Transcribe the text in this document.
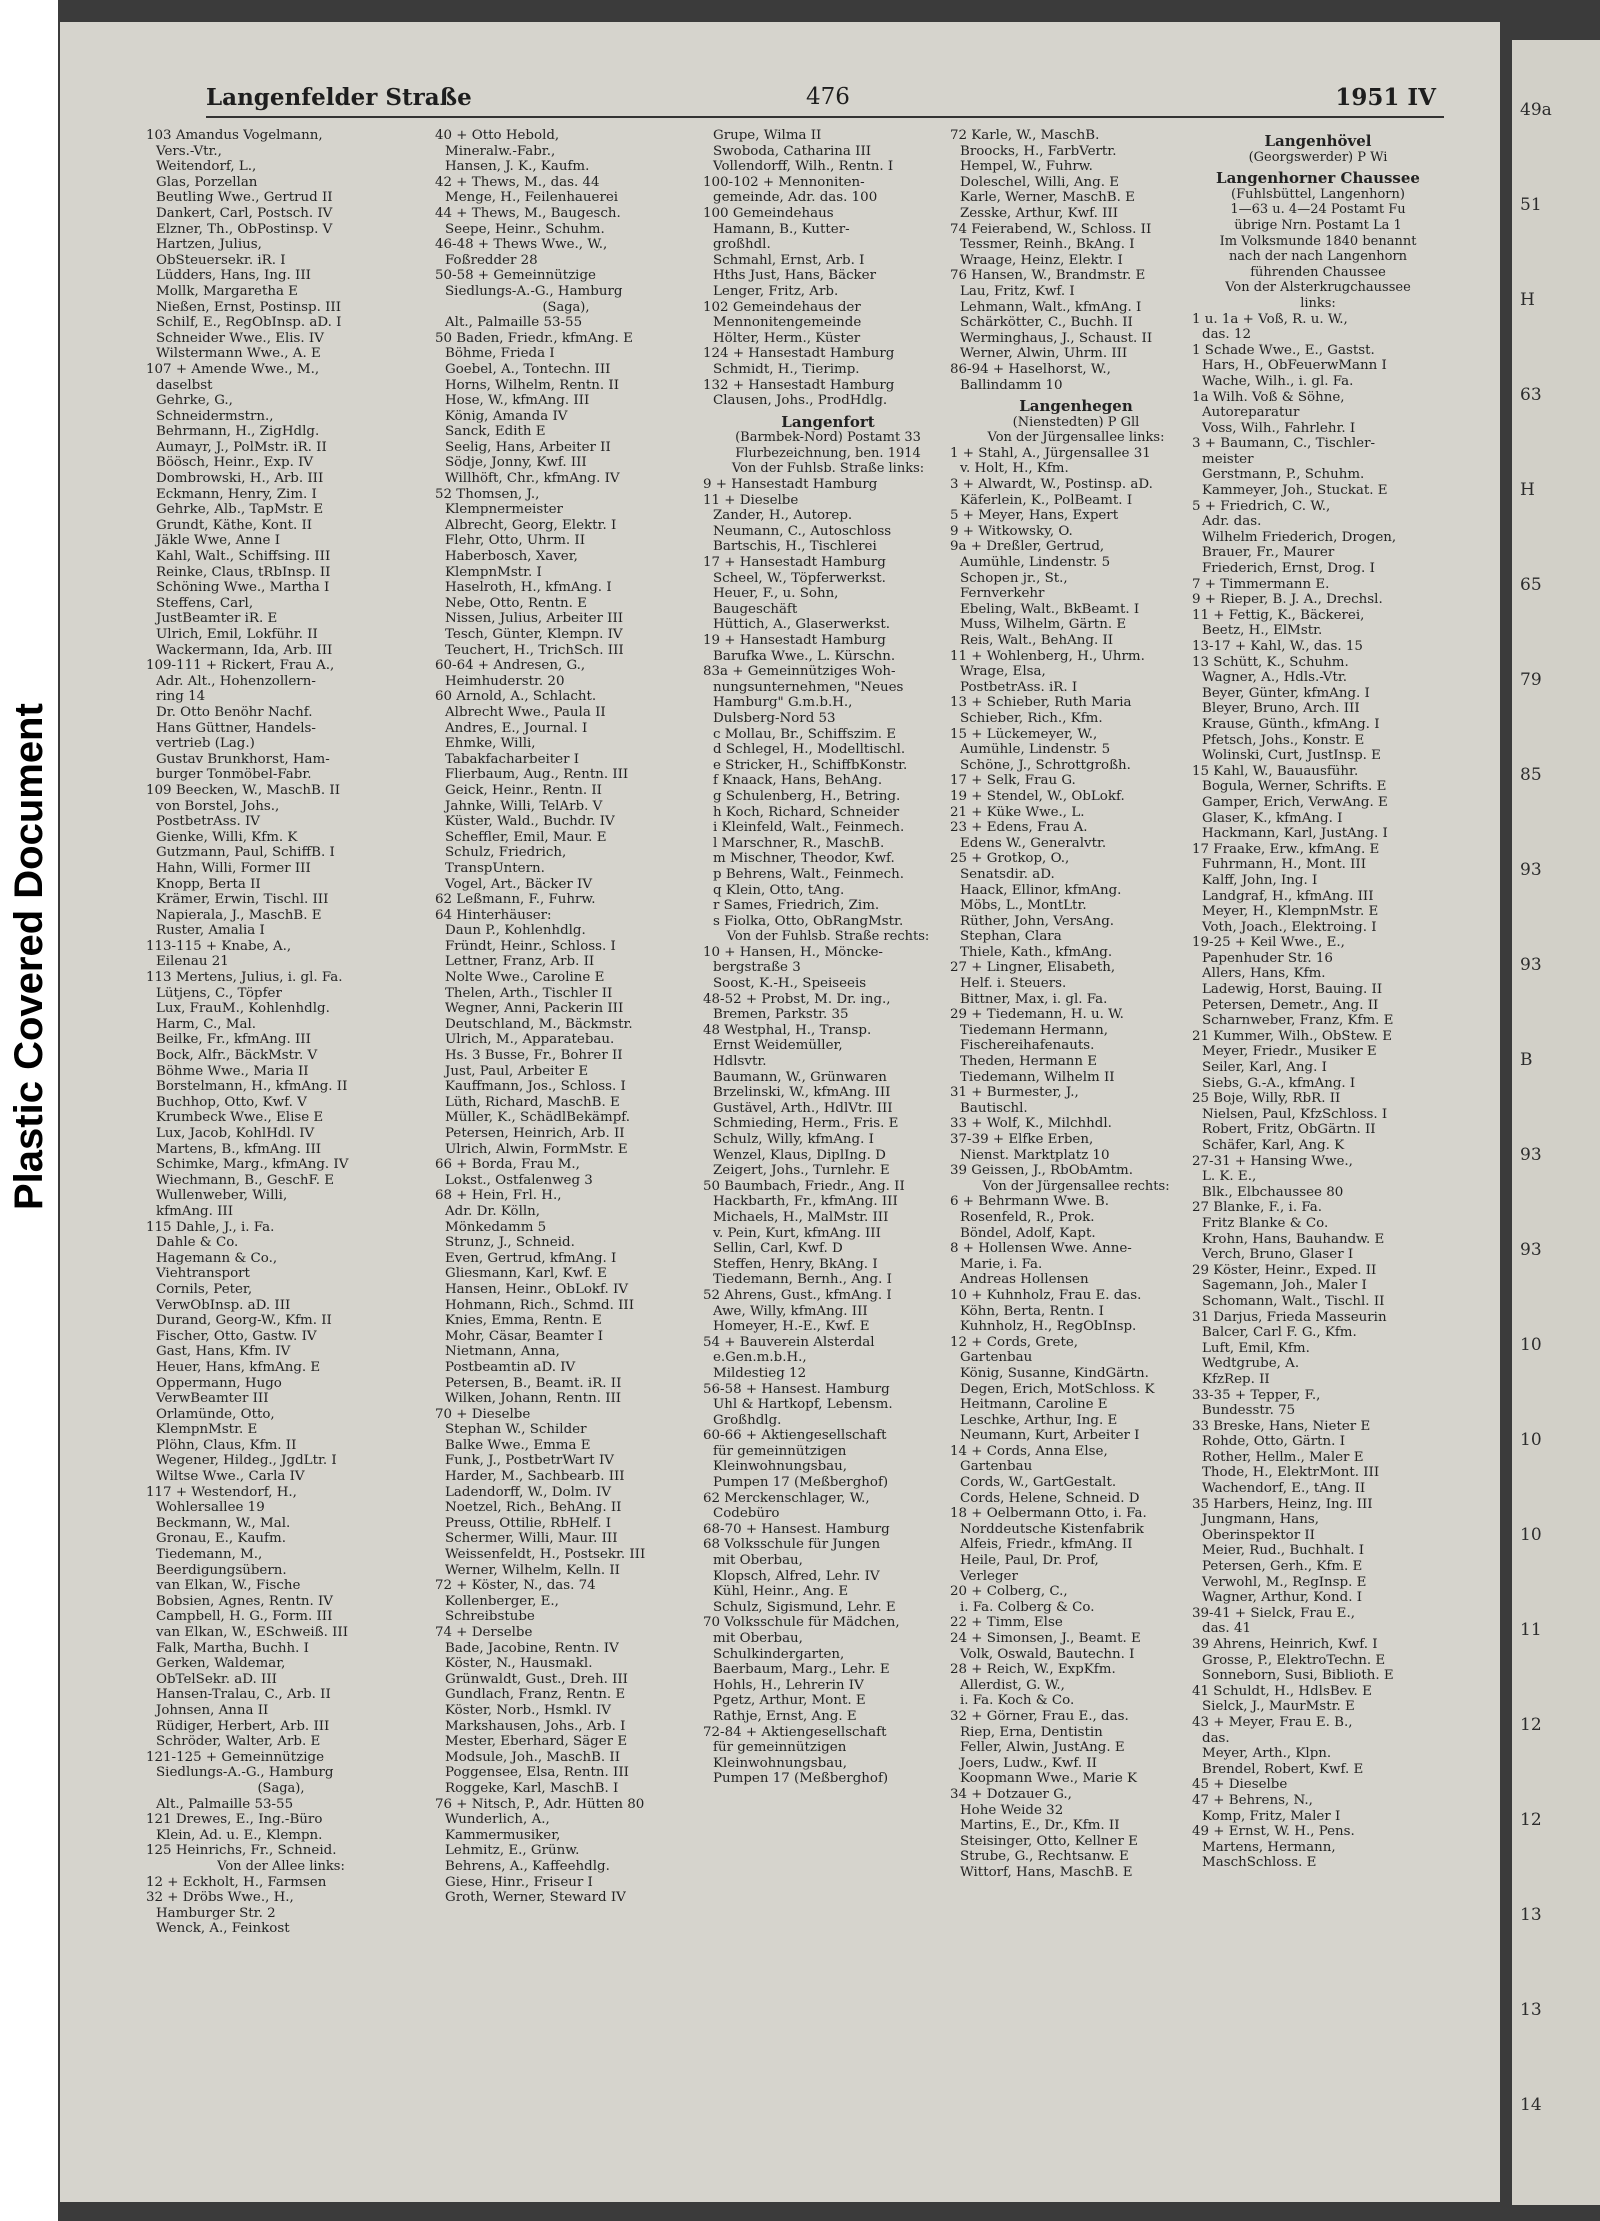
Plastic Covered Document
Langenfelder Straße	476	1951 IV
103 Amandus Vogelmann,
Vers.-Vtr.,
Weitendorf, L.,
Glas, Porzellan
Beutling Wwe., Gertrud II
Dankert, Carl, Postsch. IV
Elzner, Th., ObPostinsp. V
Hartzen, Julius,
ObSteuersekr. iR. I
Lüdders, Hans, Ing. III
Mollk, Margaretha E
Nießen, Ernst, Postinsp. III
Schilf, E., RegObInsp. aD. I
Schneider Wwe., Elis. IV
Wilstermann Wwe., A. E
107 + Amende Wwe., M.,
daselbst
Gehrke, G.,
Schneidermstrn.,
Behrmann, H., ZigHdlg.
Aumayr, J., PolMstr. iR. II
Böösch, Heinr., Exp. IV
Dombrowski, H., Arb. III
Eckmann, Henry, Zim. I
Gehrke, Alb., TapMstr. E
Grundt, Käthe, Kont. II
Jäkle Wwe, Anne I
Kahl, Walt., Schiffsing. III
Reinke, Claus, tRbInsp. II
Schöning Wwe., Martha I
Steffens, Carl,
JustBeamter iR. E
Ulrich, Emil, Lokführ. II
Wackermann, Ida, Arb. III
109-111 + Rickert, Frau A.,
Adr. Alt., Hohenzollern-
ring 14
Dr. Otto Benöhr Nachf.
Hans Güttner, Handels-
vertrieb (Lag.)
Gustav Brunkhorst, Ham-
burger Tonmöbel-Fabr.
109 Beecken, W., MaschB. II
von Borstel, Johs.,
PostbetrAss. IV
Gienke, Willi, Kfm. K
Gutzmann, Paul, SchiffB. I
Hahn, Willi, Former III
Knopp, Berta II
Krämer, Erwin, Tischl. III
Napierala, J., MaschB. E
Ruster, Amalia I
113-115 + Knabe, A.,
Eilenau 21
113 Mertens, Julius, i. gl. Fa.
Lütjens, C., Töpfer
Lux, FrauM., Kohlenhdlg.
Harm, C., Mal.
Beilke, Fr., kfmAng. III
Bock, Alfr., BäckMstr. V
Böhme Wwe., Maria II
Borstelmann, H., kfmAng. II
Buchhop, Otto, Kwf. V
Krumbeck Wwe., Elise E
Lux, Jacob, KohlHdl. IV
Martens, B., kfmAng. III
Schimke, Marg., kfmAng. IV
Wiechmann, B., GeschF. E
Wullenweber, Willi,
kfmAng. III
115 Dahle, J., i. Fa.
Dahle & Co.
Hagemann & Co.,
Viehtransport
Cornils, Peter,
VerwObInsp. aD. III
Durand, Georg-W., Kfm. II
Fischer, Otto, Gastw. IV
Gast, Hans, Kfm. IV
Heuer, Hans, kfmAng. E
Oppermann, Hugo
VerwBeamter III
Orlamünde, Otto,
KlempnMstr. E
Plöhn, Claus, Kfm. II
Wegener, Hildeg., JgdLtr. I
Wiltse Wwe., Carla IV
117 + Westendorf, H.,
Wohlersallee 19
Beckmann, W., Mal.
Gronau, E., Kaufm.
Tiedemann, M.,
Beerdigungsübern.
van Elkan, W., Fische
Bobsien, Agnes, Rentn. IV
Campbell, H. G., Form. III
van Elkan, W., ESchweiß. III
Falk, Martha, Buchh. I
Gerken, Waldemar,
ObTelSekr. aD. III
Hansen-Tralau, C., Arb. II
Johnsen, Anna II
Rüdiger, Herbert, Arb. III
Schröder, Walter, Arb. E
121-125 + Gemeinnützige
Siedlungs-A.-G., Hamburg
(Saga),
Alt., Palmaille 53-55
121 Drewes, E., Ing.-Büro
Klein, Ad. u. E., Klempn.
125 Heinrichs, Fr., Schneid.
Von der Allee links:
12 + Eckholt, H., Farmsen
32 + Dröbs Wwe., H.,
Hamburger Str. 2
Wenck, A., Feinkost
40 + Otto Hebold,
Mineralw.-Fabr.,
Hansen, J. K., Kaufm.
42 + Thews, M., das. 44
Menge, H., Feilenhauerei
44 + Thews, M., Baugesch.
Seepe, Heinr., Schuhm.
46-48 + Thews Wwe., W.,
Foßredder 28
50-58 + Gemeinnützige
Siedlungs-A.-G., Hamburg
(Saga),
Alt., Palmaille 53-55
50 Baden, Friedr., kfmAng. E
Böhme, Frieda I
Goebel, A., Tontechn. III
Horns, Wilhelm, Rentn. II
Hose, W., kfmAng. III
König, Amanda IV
Sanck, Edith E
Seelig, Hans, Arbeiter II
Södje, Jonny, Kwf. III
Willhöft, Chr., kfmAng. IV
52 Thomsen, J.,
Klempnermeister
Albrecht, Georg, Elektr. I
Flehr, Otto, Uhrm. II
Haberbosch, Xaver,
KlempnMstr. I
Haselroth, H., kfmAng. I
Nebe, Otto, Rentn. E
Nissen, Julius, Arbeiter III
Tesch, Günter, Klempn. IV
Teuchert, H., TrichSch. III
60-64 + Andresen, G.,
Heimhuderstr. 20
60 Arnold, A., Schlacht.
Albrecht Wwe., Paula II
Andres, E., Journal. I
Ehmke, Willi,
Tabakfacharbeiter I
Flierbaum, Aug., Rentn. III
Geick, Heinr., Rentn. II
Jahnke, Willi, TelArb. V
Küster, Wald., Buchdr. IV
Scheffler, Emil, Maur. E
Schulz, Friedrich,
TranspUntern.
Vogel, Art., Bäcker IV
62 Leßmann, F., Fuhrw.
64 Hinterhäuser:
Daun P., Kohlenhdlg.
Fründt, Heinr., Schloss. I
Lettner, Franz, Arb. II
Nolte Wwe., Caroline E
Thelen, Arth., Tischler II
Wegner, Anni, Packerin III
Deutschland, M., Bäckmstr.
Ulrich, M., Apparatebau.
Hs. 3 Busse, Fr., Bohrer II
Just, Paul, Arbeiter E
Kauffmann, Jos., Schloss. I
Lüth, Richard, MaschB. E
Müller, K., SchädlBekämpf.
Petersen, Heinrich, Arb. II
Ulrich, Alwin, FormMstr. E
66 + Borda, Frau M.,
Lokst., Ostfalenweg 3
68 + Hein, Frl. H.,
Adr. Dr. Kölln,
Mönkedamm 5
Strunz, J., Schneid.
Even, Gertrud, kfmAng. I
Gliesmann, Karl, Kwf. E
Hansen, Heinr., ObLokf. IV
Hohmann, Rich., Schmd. III
Knies, Emma, Rentn. E
Mohr, Cäsar, Beamter I
Nietmann, Anna,
Postbeamtin aD. IV
Petersen, B., Beamt. iR. II
Wilken, Johann, Rentn. III
70 + Dieselbe
Stephan W., Schilder
Balke Wwe., Emma E
Funk, J., PostbetrWart IV
Harder, M., Sachbearb. III
Ladendorff, W., Dolm. IV
Noetzel, Rich., BehAng. II
Preuss, Ottilie, RbHelf. I
Schermer, Willi, Maur. III
Weissenfeldt, H., Postsekr. III
Werner, Wilhelm, Kelln. II
72 + Köster, N., das. 74
Kollenberger, E.,
Schreibstube
74 + Derselbe
Bade, Jacobine, Rentn. IV
Köster, N., Hausmakl.
Grünwaldt, Gust., Dreh. III
Gundlach, Franz, Rentn. E
Köster, Norb., Hsmkl. IV
Markshausen, Johs., Arb. I
Mester, Eberhard, Säger E
Modsule, Joh., MaschB. II
Poggensee, Elsa, Rentn. III
Roggeke, Karl, MaschB. I
76 + Nitsch, P., Adr. Hütten 80
Wunderlich, A.,
Kammermusiker,
Lehmitz, E., Grünw.
Behrens, A., Kaffeehdlg.
Giese, Hinr., Friseur I
Groth, Werner, Steward IV
Grupe, Wilma II
Swoboda, Catharina III
Vollendorff, Wilh., Rentn. I
100-102 + Mennoniten-
gemeinde, Adr. das. 100
100 Gemeindehaus
Hamann, B., Kutter-
großhdl.
Schmahl, Ernst, Arb. I
Hths Just, Hans, Bäcker
Lenger, Fritz, Arb.
102 Gemeindehaus der
Mennonitengemeinde
Hölter, Herm., Küster
124 + Hansestadt Hamburg
Schmidt, H., Tierimp.
132 + Hansestadt Hamburg
Clausen, Johs., ProdHdlg.
Langenfort
(Barmbek-Nord) Postamt 33
Flurbezeichnung, ben. 1914
Von der Fuhlsb. Straße links:
9 + Hansestadt Hamburg
11 + Dieselbe
Zander, H., Autorep.
Neumann, C., Autoschloss
Bartschis, H., Tischlerei
17 + Hansestadt Hamburg
Scheel, W., Töpferwerkst.
Heuer, F., u. Sohn,
Baugeschäft
Hüttich, A., Glaserwerkst.
19 + Hansestadt Hamburg
Barufka Wwe., L. Kürschn.
83a + Gemeinnütziges Woh-
nungsunternehmen, "Neues
Hamburg" G.m.b.H.,
Dulsberg-Nord 53
c Mollau, Br., Schiffszim. E
d Schlegel, H., Modelltischl.
e Stricker, H., SchiffbKonstr.
f Knaack, Hans, BehAng.
g Schulenberg, H., Betring.
h Koch, Richard, Schneider
i Kleinfeld, Walt., Feinmech.
l Marschner, R., MaschB.
m Mischner, Theodor, Kwf.
p Behrens, Walt., Feinmech.
q Klein, Otto, tAng.
r Sames, Friedrich, Zim.
s Fiolka, Otto, ObRangMstr.
Von der Fuhlsb. Straße rechts:
10 + Hansen, H., Möncke-
bergstraße 3
Soost, K.-H., Speiseeis
48-52 + Probst, M. Dr. ing.,
Bremen, Parkstr. 35
48 Westphal, H., Transp.
Ernst Weidemüller,
Hdlsvtr.
Baumann, W., Grünwaren
Brzelinski, W., kfmAng. III
Gustävel, Arth., HdlVtr. III
Schmieding, Herm., Fris. E
Schulz, Willy, kfmAng. I
Wenzel, Klaus, DiplIng. D
Zeigert, Johs., Turnlehr. E
50 Baumbach, Friedr., Ang. II
Hackbarth, Fr., kfmAng. III
Michaels, H., MalMstr. III
v. Pein, Kurt, kfmAng. III
Sellin, Carl, Kwf. D
Steffen, Henry, BkAng. I
Tiedemann, Bernh., Ang. I
52 Ahrens, Gust., kfmAng. I
Awe, Willy, kfmAng. III
Homeyer, H.-E., Kwf. E
54 + Bauverein Alsterdal
e.Gen.m.b.H.,
Mildestieg 12
56-58 + Hansest. Hamburg
Uhl & Hartkopf, Lebensm.
Großhdlg.
60-66 + Aktiengesellschaft
für gemeinnützigen
Kleinwohnungsbau,
Pumpen 17 (Meßberghof)
62 Merckenschlager, W.,
Codebüro
68-70 + Hansest. Hamburg
68 Volksschule für Jungen
mit Oberbau,
Klopsch, Alfred, Lehr. IV
Kühl, Heinr., Ang. E
Schulz, Sigismund, Lehr. E
70 Volksschule für Mädchen,
mit Oberbau,
Schulkindergarten,
Baerbaum, Marg., Lehr. E
Hohls, H., Lehrerin IV
Pgetz, Arthur, Mont. E
Rathje, Ernst, Ang. E
72-84 + Aktiengesellschaft
für gemeinnützigen
Kleinwohnungsbau,
Pumpen 17 (Meßberghof)
72 Karle, W., MaschB.
Broocks, H., FarbVertr.
Hempel, W., Fuhrw.
Doleschel, Willi, Ang. E
Karle, Werner, MaschB. E
Zesske, Arthur, Kwf. III
74 Feierabend, W., Schloss. II
Tessmer, Reinh., BkAng. I
Wraage, Heinz, Elektr. I
76 Hansen, W., Brandmstr. E
Lau, Fritz, Kwf. I
Lehmann, Walt., kfmAng. I
Schärkötter, C., Buchh. II
Werminghaus, J., Schaust. II
Werner, Alwin, Uhrm. III
86-94 + Haselhorst, W.,
Ballindamm 10
Langenhegen
(Nienstedten) P Gll
Von der Jürgensallee links:
1 + Stahl, A., Jürgensallee 31
v. Holt, H., Kfm.
3 + Alwardt, W., Postinsp. aD.
Käferlein, K., PolBeamt. I
5 + Meyer, Hans, Expert
9 + Witkowsky, O.
9a + Dreßler, Gertrud,
Aumühle, Lindenstr. 5
Schopen jr., St.,
Fernverkehr
Ebeling, Walt., BkBeamt. I
Muss, Wilhelm, Gärtn. E
Reis, Walt., BehAng. II
11 + Wohlenberg, H., Uhrm.
Wrage, Elsa,
PostbetrAss. iR. I
13 + Schieber, Ruth Maria
Schieber, Rich., Kfm.
15 + Lückemeyer, W.,
Aumühle, Lindenstr. 5
Schöne, J., Schrottgroßh.
17 + Selk, Frau G.
19 + Stendel, W., ObLokf.
21 + Küke Wwe., L.
23 + Edens, Frau A.
Edens W., Generalvtr.
25 + Grotkop, O.,
Senatsdir. aD.
Haack, Ellinor, kfmAng.
Möbs, L., MontLtr.
Rüther, John, VersAng.
Stephan, Clara
Thiele, Kath., kfmAng.
27 + Lingner, Elisabeth,
Helf. i. Steuers.
Bittner, Max, i. gl. Fa.
29 + Tiedemann, H. u. W.
Tiedemann Hermann,
Fischereihafenauts.
Theden, Hermann E
Tiedemann, Wilhelm II
31 + Burmester, J.,
Bautischl.
33 + Wolf, K., Milchhdl.
37-39 + Elfke Erben,
Nienst. Marktplatz 10
39 Geissen, J., RbObAmtm.
Von der Jürgensallee rechts:
6 + Behrmann Wwe. B.
Rosenfeld, R., Prok.
Böndel, Adolf, Kapt.
8 + Hollensen Wwe. Anne-
Marie, i. Fa.
Andreas Hollensen
10 + Kuhnholz, Frau E. das.
Köhn, Berta, Rentn. I
Kuhnholz, H., RegObInsp.
12 + Cords, Grete,
Gartenbau
König, Susanne, KindGärtn.
Degen, Erich, MotSchloss. K
Heitmann, Caroline E
Leschke, Arthur, Ing. E
Neumann, Kurt, Arbeiter I
14 + Cords, Anna Else,
Gartenbau
Cords, W., GartGestalt.
Cords, Helene, Schneid. D
18 + Oelbermann Otto, i. Fa.
Norddeutsche Kistenfabrik
Alfeis, Friedr., kfmAng. II
Heile, Paul, Dr. Prof,
Verleger
20 + Colberg, C.,
i. Fa. Colberg & Co.
22 + Timm, Else
24 + Simonsen, J., Beamt. E
Volk, Oswald, Bautechn. I
28 + Reich, W., ExpKfm.
Allerdist, G. W.,
i. Fa. Koch & Co.
32 + Görner, Frau E., das.
Riep, Erna, Dentistin
Feller, Alwin, JustAng. E
Joers, Ludw., Kwf. II
Koopmann Wwe., Marie K
34 + Dotzauer G.,
Hohe Weide 32
Martins, E., Dr., Kfm. II
Steisinger, Otto, Kellner E
Strube, G., Rechtsanw. E
Wittorf, Hans, MaschB. E
Langenhövel
(Georgswerder) P Wi
Langenhorner Chaussee
(Fuhlsbüttel, Langenhorn)
1—63 u. 4—24 Postamt Fu
übrige Nrn. Postamt La 1
Im Volksmunde 1840 benannt
nach der nach Langenhorn
führenden Chaussee
Von der Alsterkrugchaussee
links:
1 u. 1a + Voß, R. u. W.,
das. 12
1 Schade Wwe., E., Gastst.
Hars, H., ObFeuerwMann I
Wache, Wilh., i. gl. Fa.
1a Wilh. Voß & Söhne,
Autoreparatur
Voss, Wilh., Fahrlehr. I
3 + Baumann, C., Tischler-
meister
Gerstmann, P., Schuhm.
Kammeyer, Joh., Stuckat. E
5 + Friedrich, C. W.,
Adr. das.
Wilhelm Friederich, Drogen,
Brauer, Fr., Maurer
Friederich, Ernst, Drog. I
7 + Timmermann E.
9 + Rieper, B. J. A., Drechsl.
11 + Fettig, K., Bäckerei,
Beetz, H., ElMstr.
13-17 + Kahl, W., das. 15
13 Schütt, K., Schuhm.
Wagner, A., Hdls.-Vtr.
Beyer, Günter, kfmAng. I
Bleyer, Bruno, Arch. III
Krause, Günth., kfmAng. I
Pfetsch, Johs., Konstr. E
Wolinski, Curt, JustInsp. E
15 Kahl, W., Bauausführ.
Bogula, Werner, Schrifts. E
Gamper, Erich, VerwAng. E
Glaser, K., kfmAng. I
Hackmann, Karl, JustAng. I
17 Fraake, Erw., kfmAng. E
Fuhrmann, H., Mont. III
Kalff, John, Ing. I
Landgraf, H., kfmAng. III
Meyer, H., KlempnMstr. E
Voth, Joach., Elektroing. I
19-25 + Keil Wwe., E.,
Papenhuder Str. 16
Allers, Hans, Kfm.
Ladewig, Horst, Bauing. II
Petersen, Demetr., Ang. II
Scharnweber, Franz, Kfm. E
21 Kummer, Wilh., ObStew. E
Meyer, Friedr., Musiker E
Seiler, Karl, Ang. I
Siebs, G.-A., kfmAng. I
25 Boje, Willy, RbR. II
Nielsen, Paul, KfzSchloss. I
Robert, Fritz, ObGärtn. II
Schäfer, Karl, Ang. K
27-31 + Hansing Wwe.,
L. K. E.,
Blk., Elbchaussee 80
27 Blanke, F., i. Fa.
Fritz Blanke & Co.
Krohn, Hans, Bauhandw. E
Verch, Bruno, Glaser I
29 Köster, Heinr., Exped. II
Sagemann, Joh., Maler I
Schomann, Walt., Tischl. II
31 Darjus, Frieda Masseurin
Balcer, Carl F. G., Kfm.
Luft, Emil, Kfm.
Wedtgrube, A.
KfzRep. II
33-35 + Tepper, F.,
Bundesstr. 75
33 Breske, Hans, Nieter E
Rohde, Otto, Gärtn. I
Rother, Hellm., Maler E
Thode, H., ElektrMont. III
Wachendorf, E., tAng. II
35 Harbers, Heinz, Ing. III
Jungmann, Hans,
Oberinspektor II
Meier, Rud., Buchhalt. I
Petersen, Gerh., Kfm. E
Verwohl, M., RegInsp. E
Wagner, Arthur, Kond. I
39-41 + Sielck, Frau E.,
das. 41
39 Ahrens, Heinrich, Kwf. I
Grosse, P., ElektroTechn. E
Sonneborn, Susi, Biblioth. E
41 Schuldt, H., HdlsBev. E
Sielck, J., MaurMstr. E
43 + Meyer, Frau E. B.,
das.
Meyer, Arth., Klpn.
Brendel, Robert, Kwf. E
45 + Dieselbe
47 + Behrens, N.,
Komp, Fritz, Maler I
49 + Ernst, W. H., Pens.
Martens, Hermann,
MaschSchloss. E
49a
51
H
63
H
65
79
85
93
93
B
93
93
10
10
10
11
12
12
13
13
14
